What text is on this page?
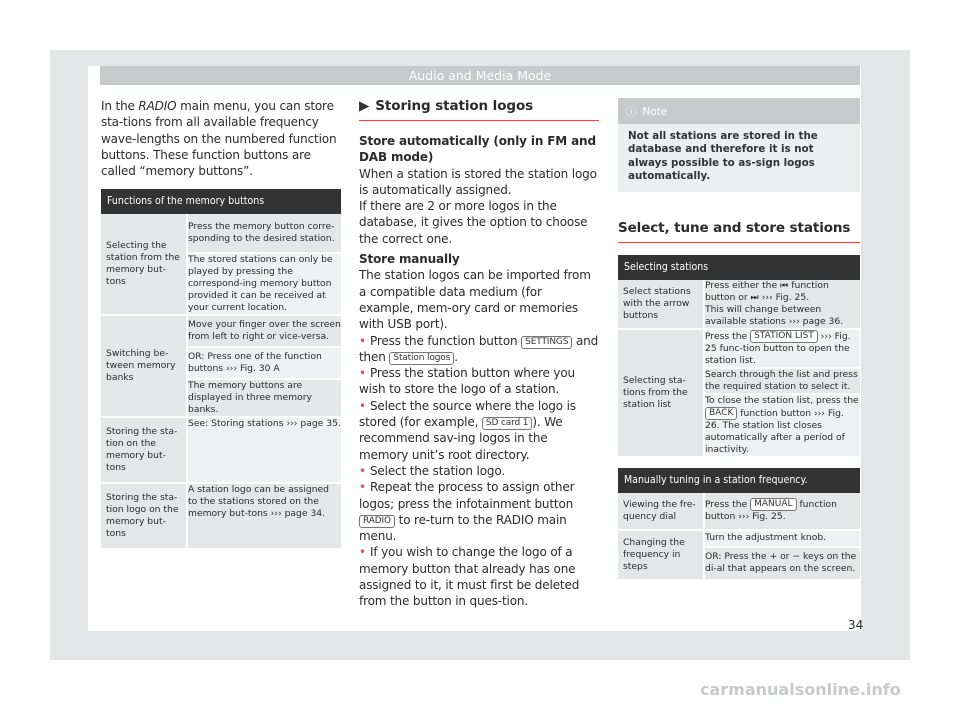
Audio and Media Mode

In the RADIO main menu, you can store sta-tions from all available frequency wave-lengths on the numbered function buttons. These function buttons are called “memory buttons”.

Functions of the memory buttons
Selecting the station from the memory but-tons	Press the memory button corre-sponding to the desired station.
	The stored stations can only be played by pressing the correspond-ing memory button provided it can be received at your current location.
Switching be-tween memory banks	Move your finger over the screen from left to right or vice-versa.
	OR: Press one of the function buttons ››› Fig. 30 A
	The memory buttons are displayed in three memory banks.
Storing the sta-tion on the memory but-tons	See: Storing stations ››› page 35.
Storing the sta-tion logo on the memory but-tons	A station logo can be assigned to the stations stored on the memory but-tons ››› page 34.
▶ Storing station logos
Store automatically (only in FM and DAB mode)
When a station is stored the station logo is automatically assigned.
If there are 2 or more logos in the database, it gives the option to choose the correct one.
Store manually
The station logos can be imported from a compatible data medium (for example, mem-ory card or memories with USB port).
• Press the function button SETTINGS and then Station logos .
• Press the station button where you wish to store the logo of a station.
• Select the source where the logo is stored (for example, SD card 1 ). We recommend sav-ing logos in the memory unit’s root directory.
• Select the station logo.
• Repeat the process to assign other logos; press the infotainment button RADIO to re-turn to the RADIO main menu.
• If you wish to change the logo of a memory button that already has one assigned to it, it must first be deleted from the button in ques-tion.
ⓘ Note
Not all stations are stored in the database and therefore it is not always possible to as-sign logos automatically.
Select, tune and store stations
Selecting stations
Select stations with the arrow buttons	Press either the ⏮ function button or ⏭ ››› Fig. 25.
This will change between available stations ››› page 36.

Selecting sta-tions from the station list	Press the STATION LIST ››› Fig. 25 func-tion button to open the station list.
	Search through the list and press the required station to select it.
	To close the station list, press the BACK function button ››› Fig. 26. The station list closes automatically after a period of inactivity.
Manually tuning in a station frequency.
Viewing the fre-quency dial	Press the MANUAL function button ››› Fig. 25.
Changing the frequency in steps	Turn the adjustment knob.
	OR: Press the + or − keys on the di-al that appears on the screen.
34
carmanualsonline.info
